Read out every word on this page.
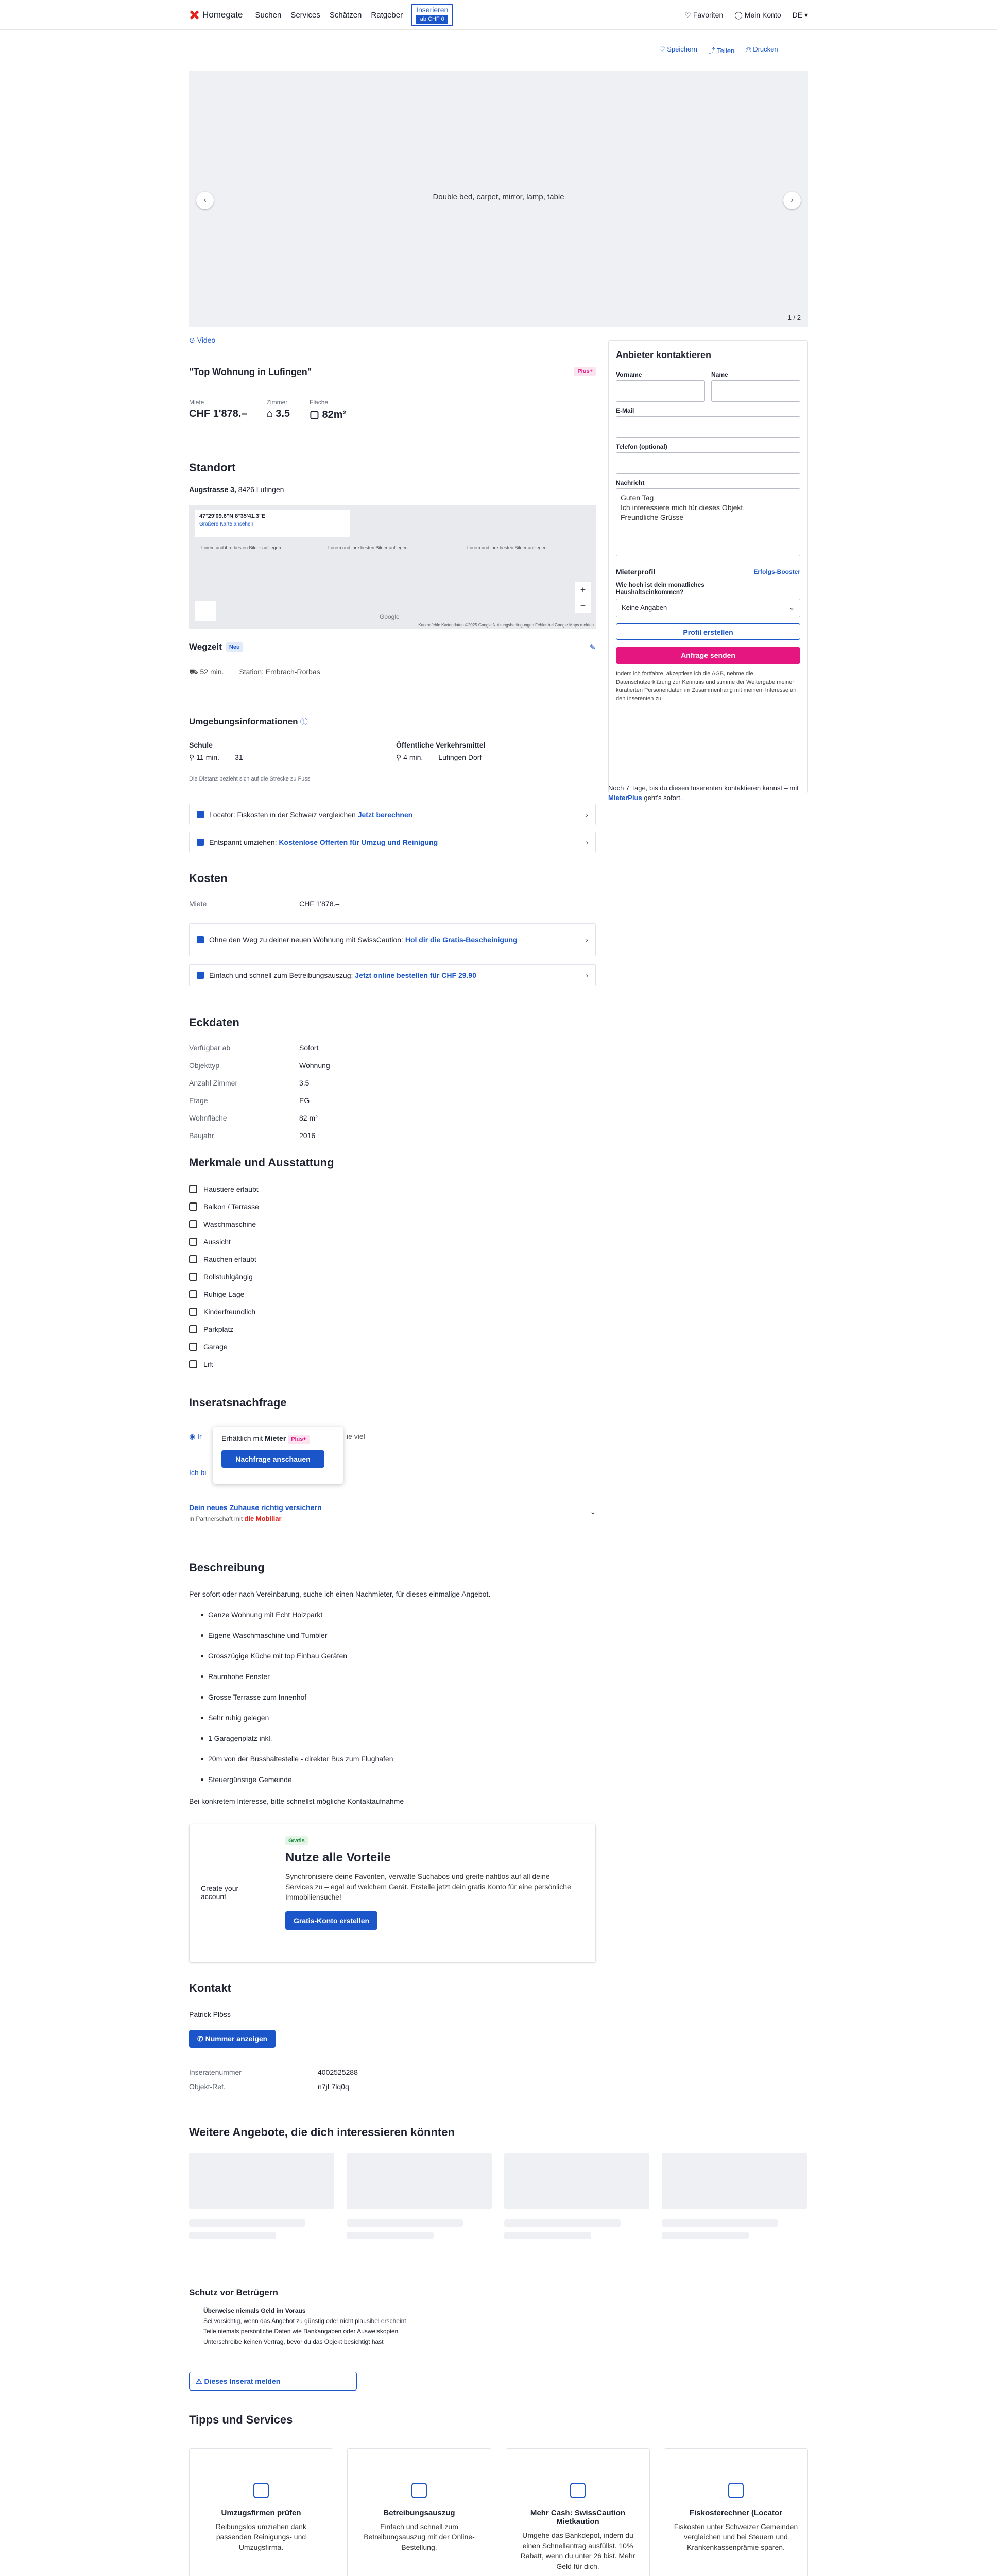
Homegate Suchen Services Schätzen Ratgeber
Inserieren
ab CHF 0
♡ Favoriten ◯ Mein Konto DE ▾
♡ Speichern ⤴ Teilen ⎙ Drucken
Double bed, carpet, mirror, lamp, table
‹	›
1 / 2
⊙ Video
"Top Wohnung in Lufingen"	Plus+
Miete
CHF 1'878.–
Zimmer
⌂ 3.5
Fläche
▢ 82m²
Standort
Augstrasse 3, 8426 Lufingen
47°29'09.6"N 8°35'41.3"E
Größere Karte ansehen
Lorem und ihre besten Bilder aufliegen	Lorem und ihre besten Bilder aufliegen	Lorem und ihre besten Bilder aufliegen
+
−
Google
Kurzbefehle Kartendaten ©2025 Google Nutzungsbedingungen Fehler bei Google Maps melden
Wegzeit	Neu	✎
⛟ 52 min. Station: Embrach-Rorbas
Umgebungsinformationen ⓘ
Schule
⚲ 11 min. 31
Öffentliche Verkehrsmittel
⚲ 4 min. Lufingen Dorf
Die Distanz bezieht sich auf die Strecke zu Fuss
Locator: Fiskosten in der Schweiz vergleichen Jetzt berechnen	›
Entspannt umziehen: Kostenlose Offerten für Umzug und Reinigung	›
Kosten
Miete	CHF 1'878.–
Ohne den Weg zu deiner neuen Wohnung mit SwissCaution: Hol dir die Gratis-Bescheinigung	›
Einfach und schnell zum Betreibungsauszug: Jetzt online bestellen für CHF 29.90	›
Eckdaten
Verfügbar ab	Sofort
Objekttyp	Wohnung
Anzahl Zimmer	3.5
Etage	EG
Wohnfläche	82 m²
Baujahr	2016
Merkmale und Ausstattung
Haustiere erlaubt
Balkon / Terrasse
Waschmaschine
Aussicht
Rauchen erlaubt
Rollstuhlgängig
Ruhige Lage
Kinderfreundlich
Parkplatz
Garage
Lift
Inseratsnachfrage
◉ Ir	ie viel
Ich bi
Erhältlich mit Mieter Plus+
Nachfrage anschauen
Dein neues Zuhause richtig versichern
In Partnerschaft mit die Mobiliar
⌄
Beschreibung
Per sofort oder nach Vereinbarung, suche ich einen Nachmieter, für dieses einmalige Angebot.
Ganze Wohnung mit Echt Holzparkt
Eigene Waschmaschine und Tumbler
Grosszügige Küche mit top Einbau Geräten
Raumhohe Fenster
Grosse Terrasse zum Innenhof
Sehr ruhig gelegen
1 Garagenplatz inkl.
20m von der Busshaltestelle - direkter Bus zum Flughafen
Steuergünstige Gemeinde
Bei konkretem Interesse, bitte schnellst mögliche Kontaktaufnahme
Create your account
Gratis
Nutze alle Vorteile
Synchronisiere deine Favoriten, verwalte Suchabos und greife nahtlos auf all deine Services zu – egal auf welchem Gerät. Erstelle jetzt dein gratis Konto für eine persönliche Immobiliensuche!
Gratis-Konto erstellen
Kontakt
Patrick Plöss
✆ Nummer anzeigen
Inseratenummer	4002525288
Objekt-Ref.	n7jL7lq0q
Weitere Angebote, die dich interessieren könnten
Schutz vor Betrügern
Überweise niemals Geld im Voraus
Sei vorsichtig, wenn das Angebot zu günstig oder nicht plausibel erscheint
Teile niemals persönliche Daten wie Bankangaben oder Ausweiskopien
Unterschreibe keinen Vertrag, bevor du das Objekt besichtigt hast
⚠ Dieses Inserat melden
Tipps und Services
Umzugsfirmen prüfen
Reibungslos umziehen dank passenden Reinigungs- und Umzugsfirma.
Betreibungsauszug
Einfach und schnell zum Betreibungsauszug mit der Online-Bestellung.
Mehr Cash: SwissCaution Mietkaution
Umgehe das Bankdepot, indem du einen Schnellantrag ausfüllst. 10% Rabatt, wenn du unter 26 bist. Mehr Geld für dich.
Fiskosterechner (Locator
Fiskosten unter Schweizer Gemeinden vergleichen und bei Steuern und Krankenkassenprämie sparen.
Anbieter kontaktieren
Vorname	Name
E-Mail
Telefon (optional)
Nachricht
Guten Tag
Ich interessiere mich für dieses Objekt.
Freundliche Grüsse
Mieterprofil	Erfolgs-Booster
Wie hoch ist dein monatliches Haushaltseinkommen?
Keine Angaben	⌄
Profil erstellen
Anfrage senden
Indem ich fortfahre, akzeptiere ich die AGB, nehme die Datenschutzerklärung zur Kenntnis und stimme der Weitergabe meiner kuratierten Personendaten im Zusammenhang mit meinem Interesse an den Inserenten zu.
Noch 7 Tage, bis du diesen Inserenten kontaktieren kannst – mit MieterPlus geht's sofort.
